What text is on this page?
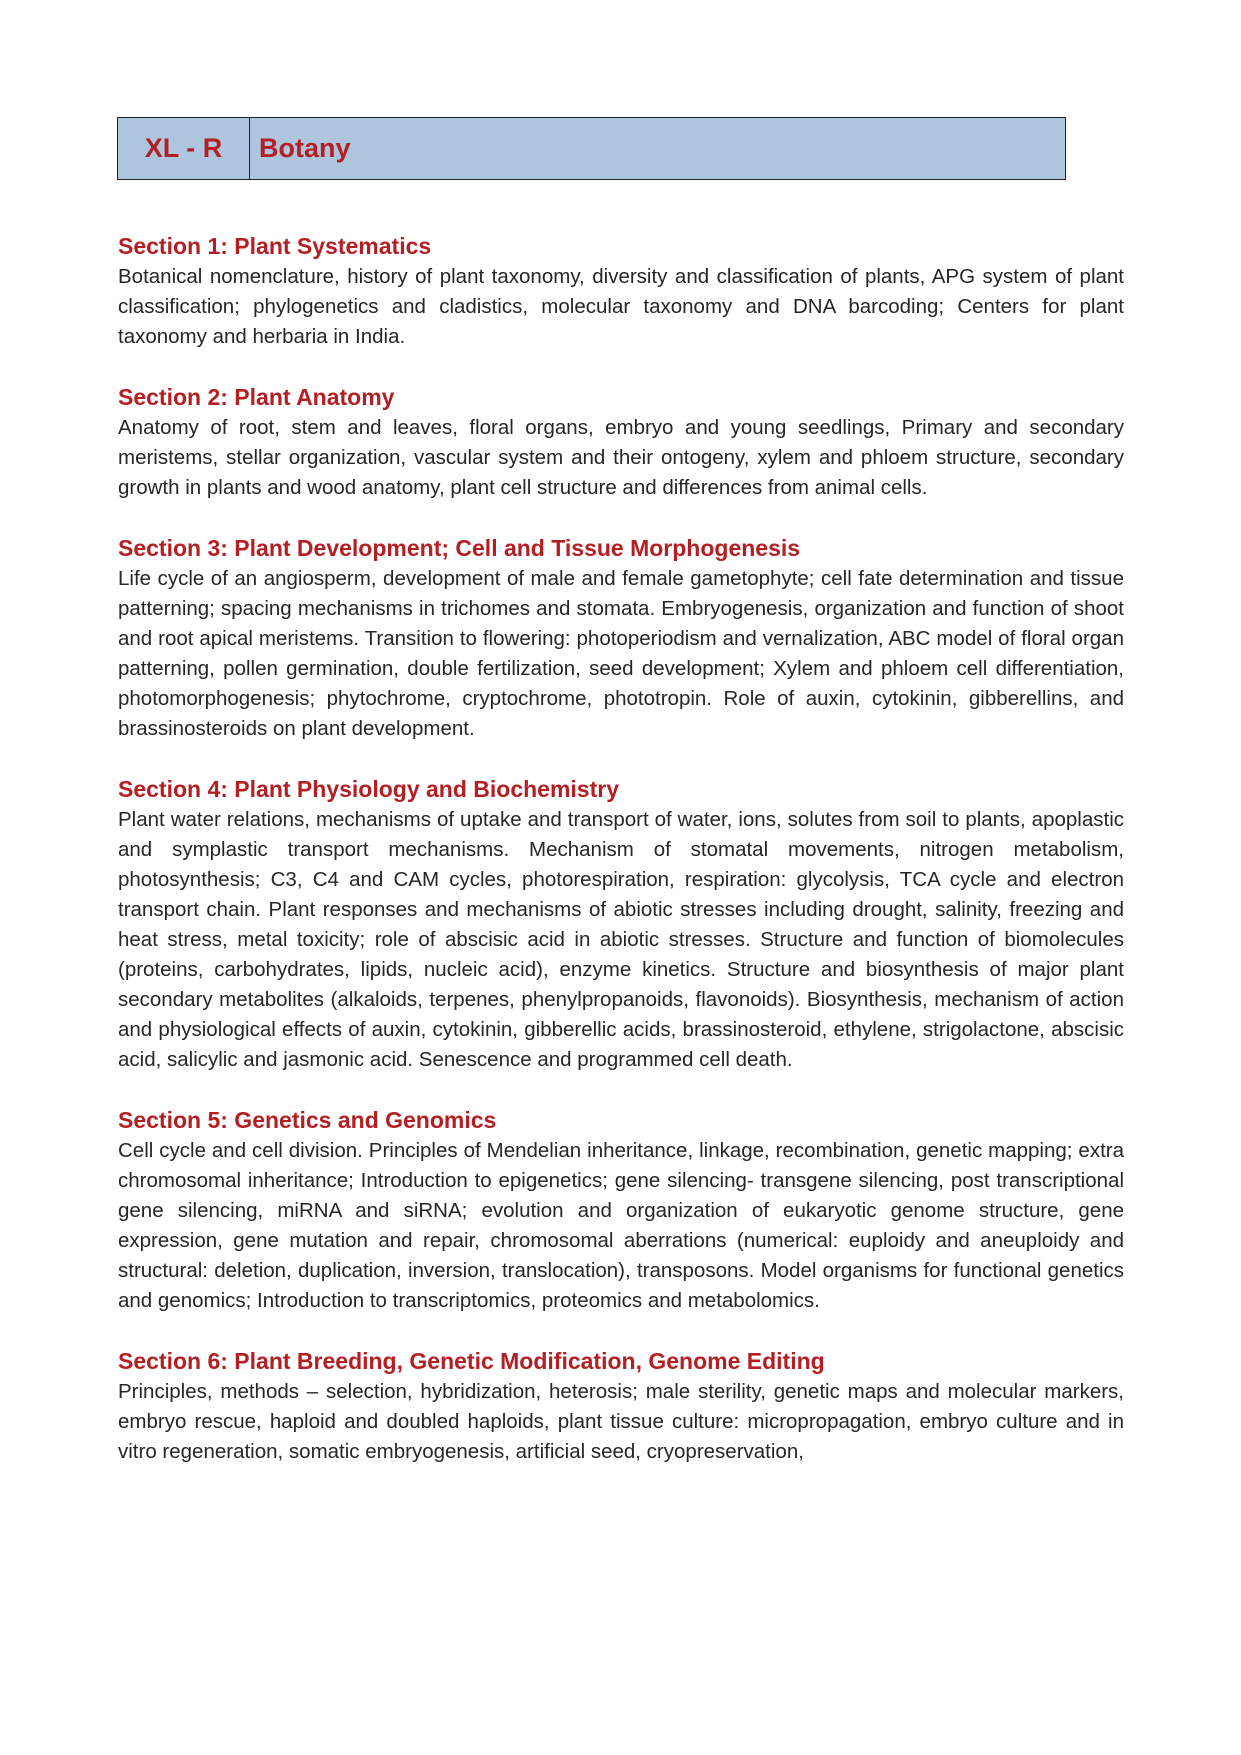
XL - R	Botany
Section 1: Plant Systematics

Botanical nomenclature, history of plant taxonomy, diversity and classification of plants, APG system of plant classification; phylogenetics and cladistics, molecular taxonomy and DNA barcoding; Centers for plant taxonomy and herbaria in India.

Section 2: Plant Anatomy

Anatomy of root, stem and leaves, floral organs, embryo and young seedlings, Primary and secondary meristems, stellar organization, vascular system and their ontogeny, xylem and phloem structure, secondary growth in plants and wood anatomy, plant cell structure and differences from animal cells.

Section 3: Plant Development; Cell and Tissue Morphogenesis

Life cycle of an angiosperm, development of male and female gametophyte; cell fate determination and tissue patterning; spacing mechanisms in trichomes and stomata. Embryogenesis, organization and function of shoot and root apical meristems. Transition to flowering: photoperiodism and vernalization, ABC model of floral organ patterning, pollen germination, double fertilization, seed development; Xylem and phloem cell differentiation, photomorphogenesis; phytochrome, cryptochrome, phototropin. Role of auxin, cytokinin, gibberellins, and brassinosteroids on plant development.

Section 4: Plant Physiology and Biochemistry

Plant water relations, mechanisms of uptake and transport of water, ions, solutes from soil to plants, apoplastic and symplastic transport mechanisms. Mechanism of stomatal movements, nitrogen metabolism, photosynthesis; C3, C4 and CAM cycles, photorespiration, respiration: glycolysis, TCA cycle and electron transport chain. Plant responses and mechanisms of abiotic stresses including drought, salinity, freezing and heat stress, metal toxicity; role of abscisic acid in abiotic stresses. Structure and function of biomolecules (proteins, carbohydrates, lipids, nucleic acid), enzyme kinetics. Structure and biosynthesis of major plant secondary metabolites (alkaloids, terpenes, phenylpropanoids, flavonoids). Biosynthesis, mechanism of action and physiological effects of auxin, cytokinin, gibberellic acids, brassinosteroid, ethylene, strigolactone, abscisic acid, salicylic and jasmonic acid. Senescence and programmed cell death.

Section 5: Genetics and Genomics

Cell cycle and cell division. Principles of Mendelian inheritance, linkage, recombination, genetic mapping; extra chromosomal inheritance; Introduction to epigenetics; gene silencing- transgene silencing, post transcriptional gene silencing, miRNA and siRNA; evolution and organization of eukaryotic genome structure, gene expression, gene mutation and repair, chromosomal aberrations (numerical: euploidy and aneuploidy and structural: deletion, duplication, inversion, translocation), transposons. Model organisms for functional genetics and genomics; Introduction to transcriptomics, proteomics and metabolomics.

Section 6: Plant Breeding, Genetic Modification, Genome Editing

Principles, methods – selection, hybridization, heterosis; male sterility, genetic maps and molecular markers, embryo rescue, haploid and doubled haploids, plant tissue culture: micropropagation, embryo culture and in vitro regeneration, somatic embryogenesis, artificial seed, cryopreservation,
